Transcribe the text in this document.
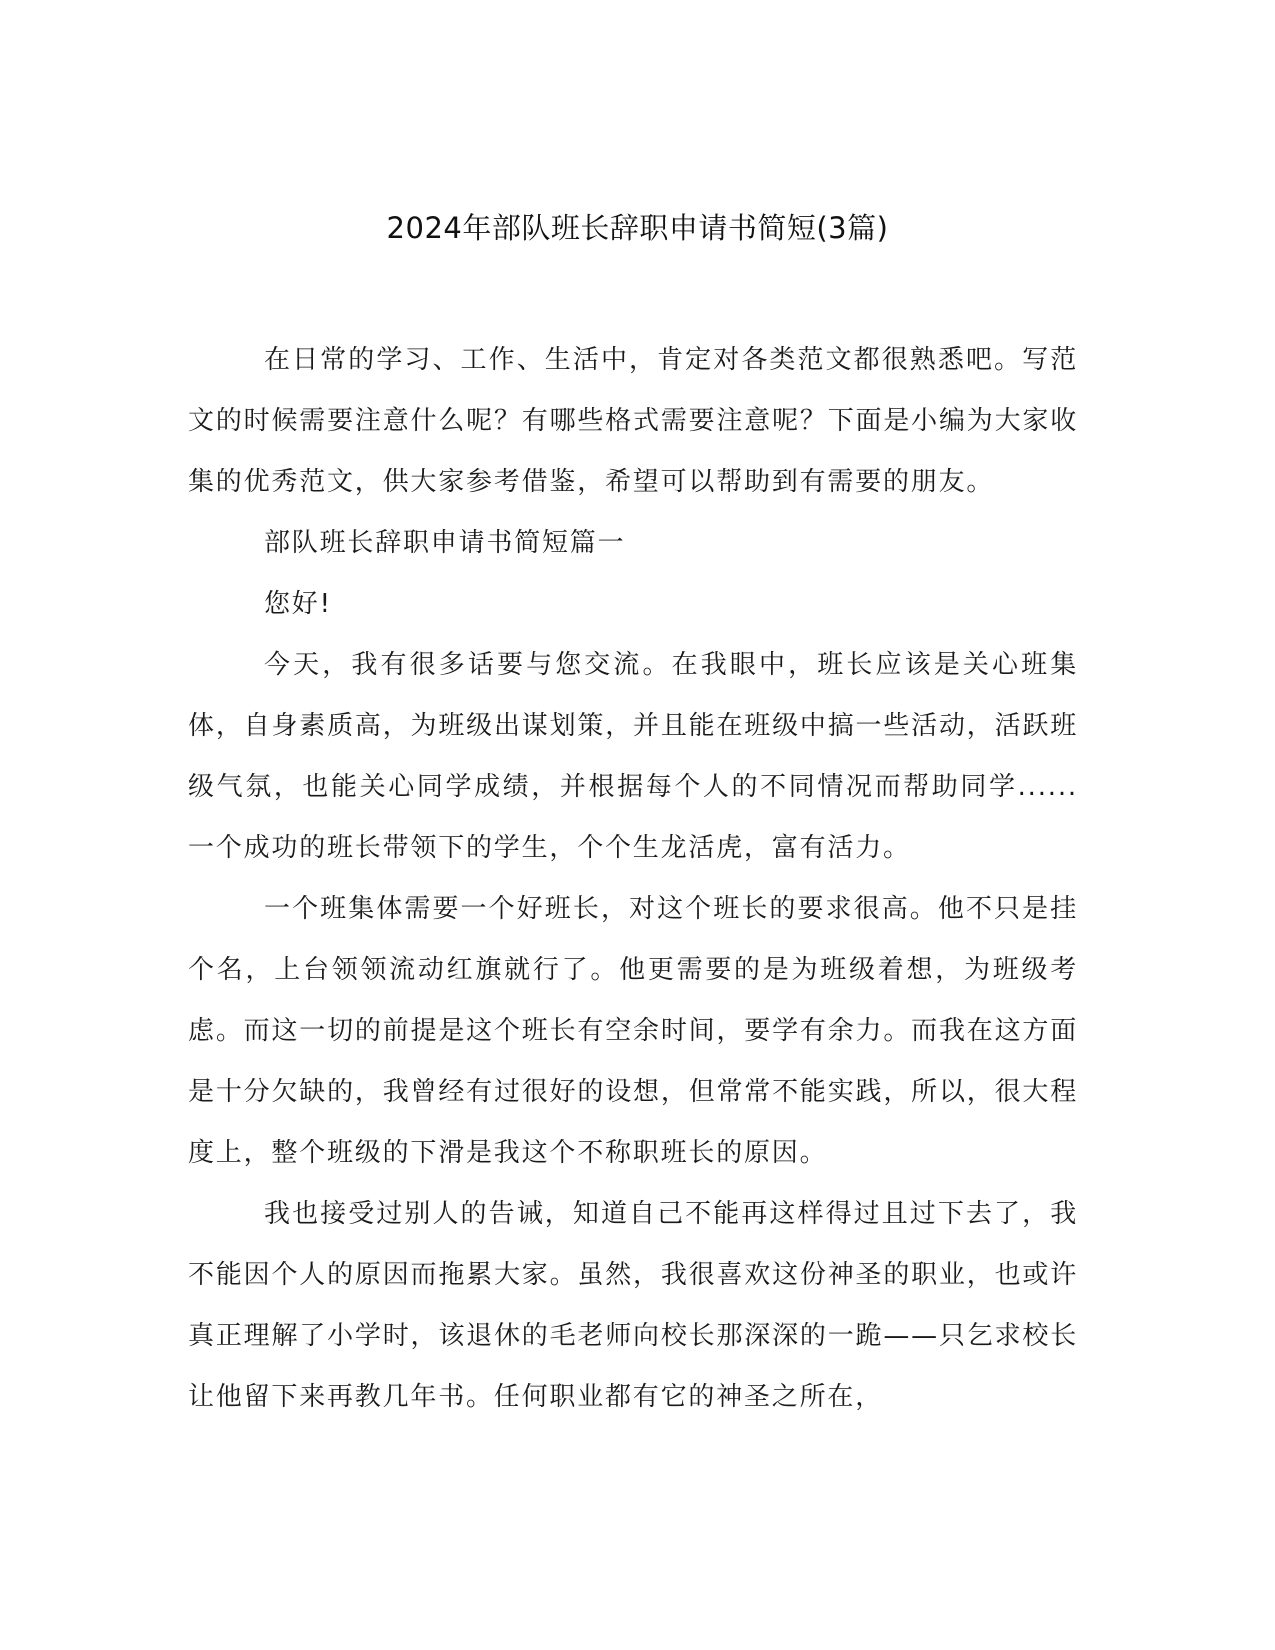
2024年部队班长辞职申请书简短(3篇)

在日常的学习、工作、生活中，肯定对各类范文都很熟悉吧。写范文的时候需要注意什么呢？有哪些格式需要注意呢？下面是小编为大家收集的优秀范文，供大家参考借鉴，希望可以帮助到有需要的朋友。

部队班长辞职申请书简短篇一

您好!

今天，我有很多话要与您交流。在我眼中，班长应该是关心班集体，自身素质高，为班级出谋划策，并且能在班级中搞一些活动，活跃班级气氛，也能关心同学成绩，并根据每个人的不同情况而帮助同学......一个成功的班长带领下的学生，个个生龙活虎，富有活力。

一个班集体需要一个好班长，对这个班长的要求很高。他不只是挂个名，上台领领流动红旗就行了。他更需要的是为班级着想，为班级考虑。而这一切的前提是这个班长有空余时间，要学有余力。而我在这方面是十分欠缺的，我曾经有过很好的设想，但常常不能实践，所以，很大程度上，整个班级的下滑是我这个不称职班长的原因。

我也接受过别人的告诫，知道自己不能再这样得过且过下去了，我不能因个人的原因而拖累大家。虽然，我很喜欢这份神圣的职业，也或许真正理解了小学时，该退休的毛老师向校长那深深的一跪——只乞求校长让他留下来再教几年书。任何职业都有它的神圣之所在，
